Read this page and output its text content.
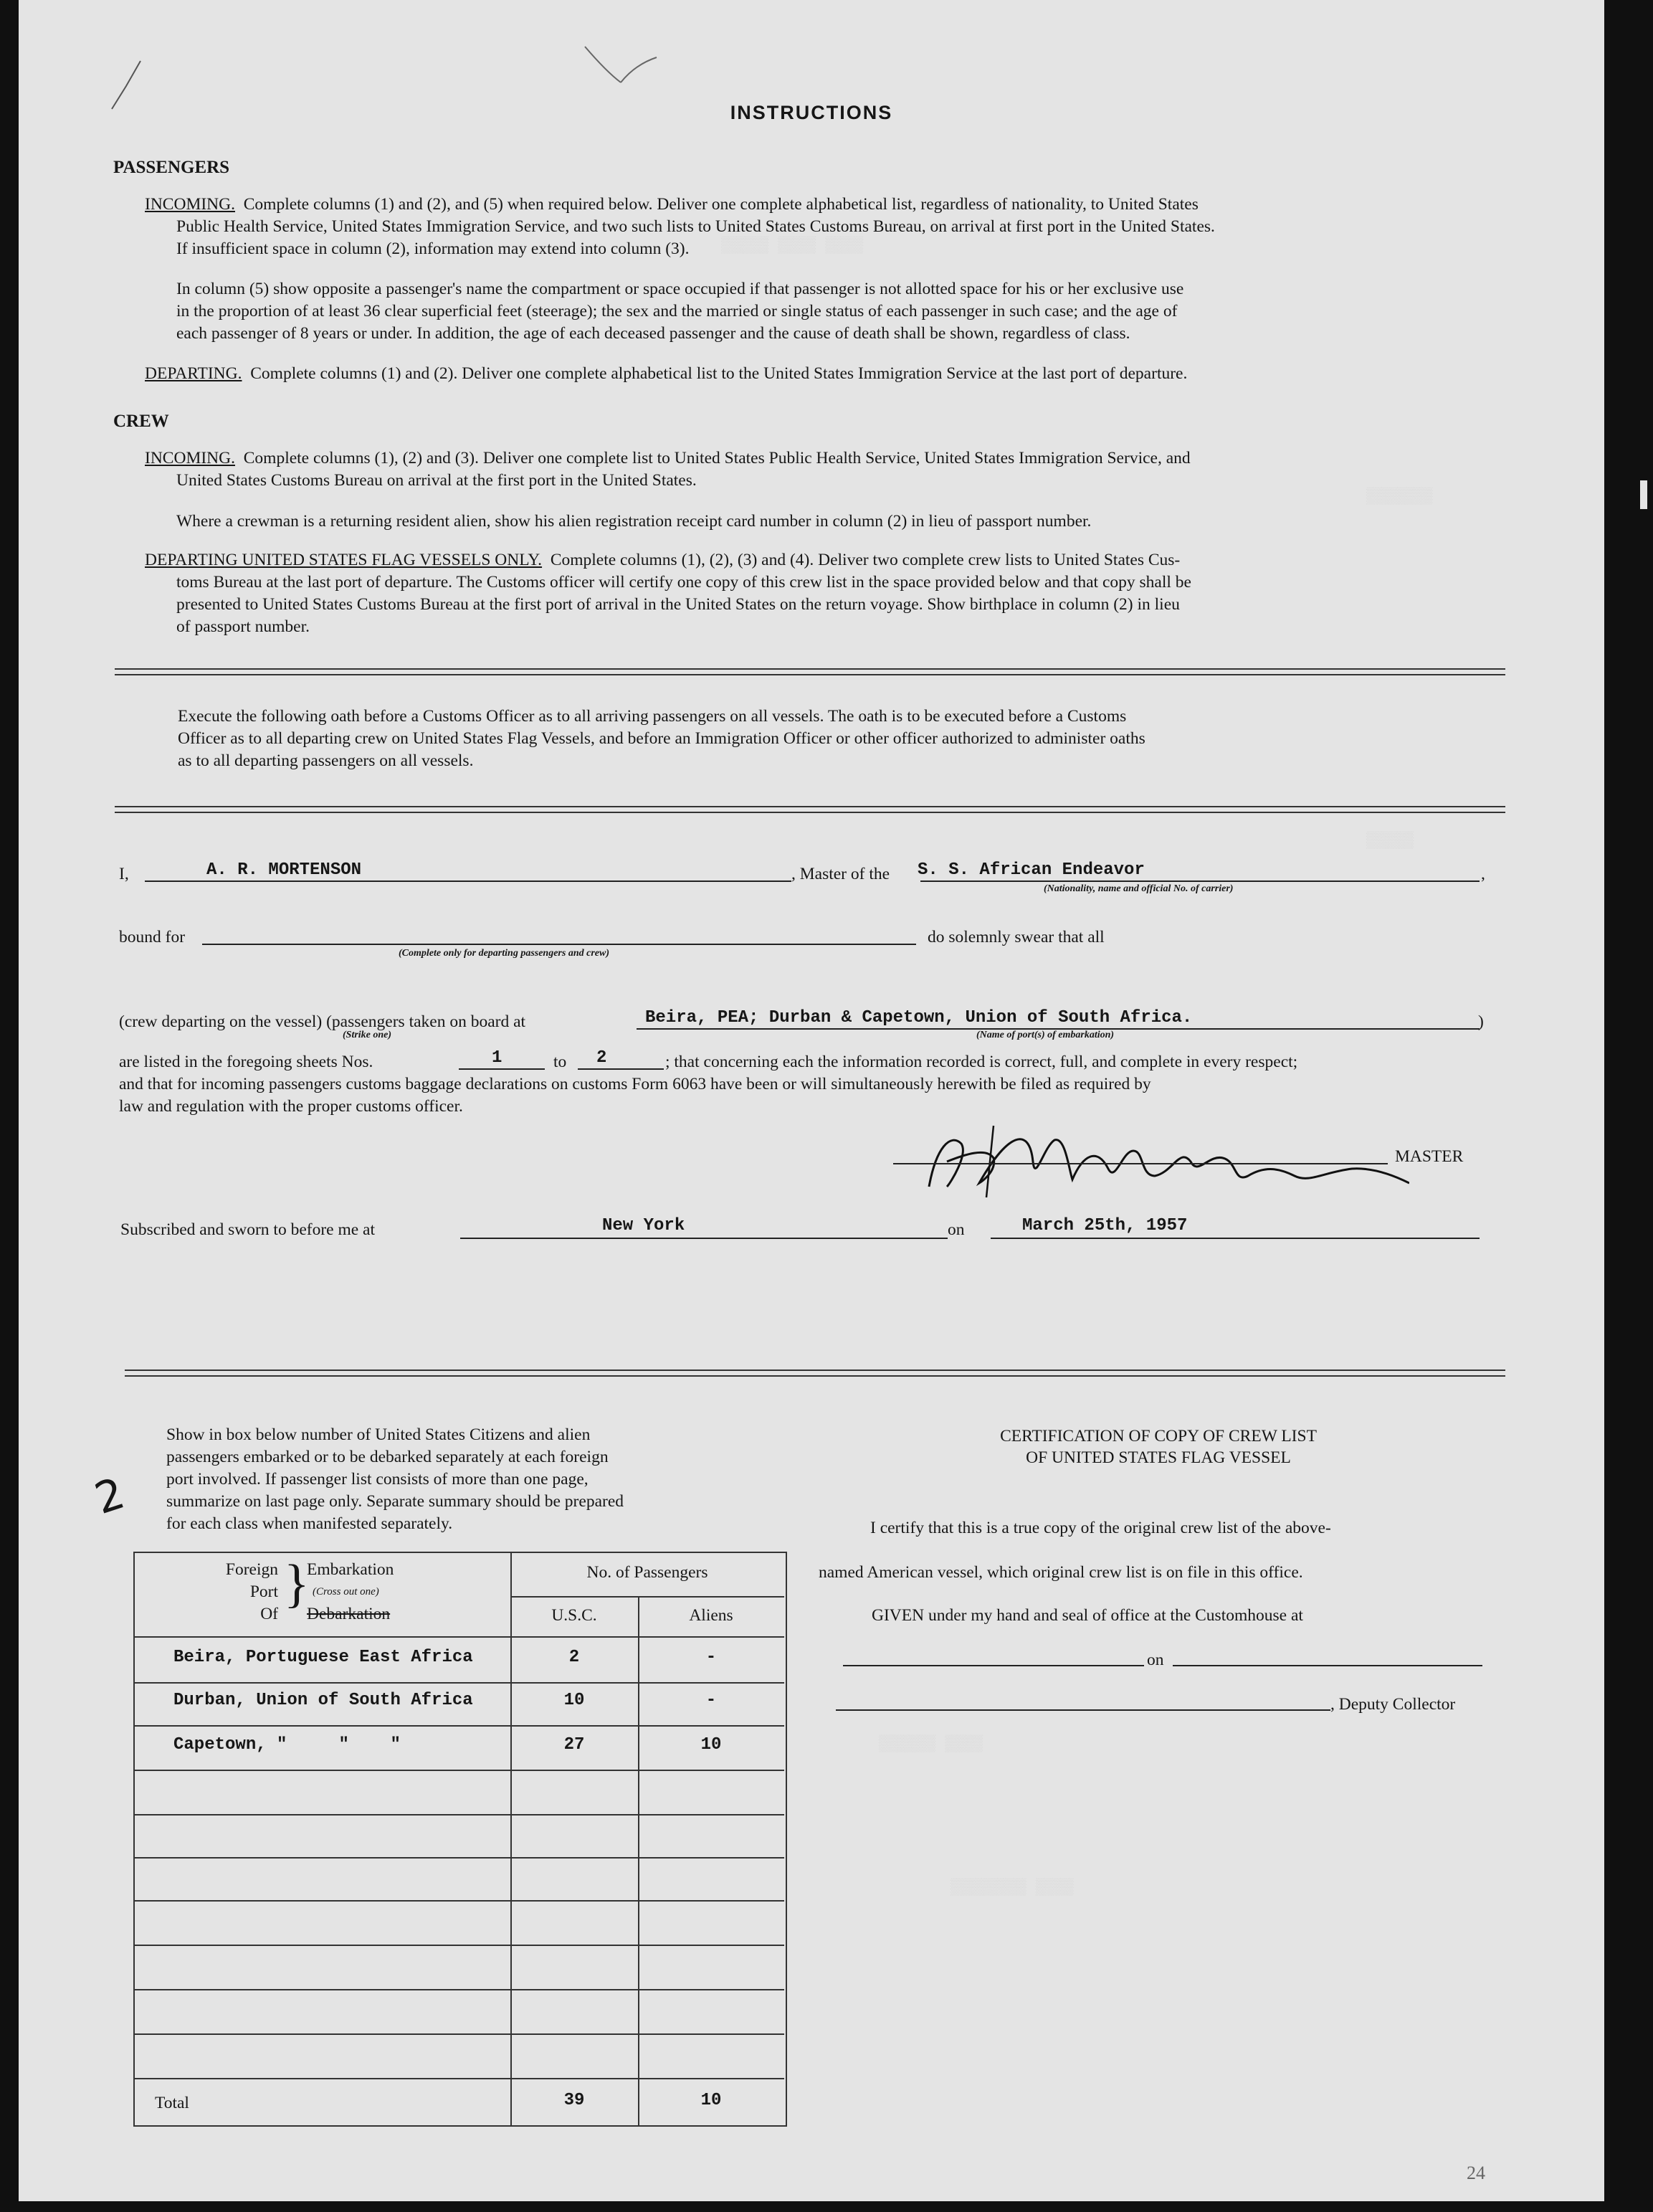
▒▒▒▒▒ ▒▒▒▒ ▒▒▒▒
▒▒▒▒▒▒▒
▒▒▒▒▒
▒▒▒▒▒▒ ▒▒▒▒
▒▒▒▒▒▒▒▒ ▒▒▒▒
INSTRUCTIONS
PASSENGERS
INCOMING. Complete columns (1) and (2), and (5) when required below. Deliver one complete alphabetical list, regardless of nationality, to United States
Public Health Service, United States Immigration Service, and two such lists to United States Customs Bureau, on arrival at first port in the United States.
If insufficient space in column (2), information may extend into column (3).
In column (5) show opposite a passenger's name the compartment or space occupied if that passenger is not allotted space for his or her exclusive use
in the proportion of at least 36 clear superficial feet (steerage); the sex and the married or single status of each passenger in such case; and the age of
each passenger of 8 years or under. In addition, the age of each deceased passenger and the cause of death shall be shown, regardless of class.
DEPARTING. Complete columns (1) and (2). Deliver one complete alphabetical list to the United States Immigration Service at the last port of departure.
CREW
INCOMING. Complete columns (1), (2) and (3). Deliver one complete list to United States Public Health Service, United States Immigration Service, and
United States Customs Bureau on arrival at the first port in the United States.
Where a crewman is a returning resident alien, show his alien registration receipt card number in column (2) in lieu of passport number.
DEPARTING UNITED STATES FLAG VESSELS ONLY. Complete columns (1), (2), (3) and (4). Deliver two complete crew lists to United States Cus-
toms Bureau at the last port of departure. The Customs officer will certify one copy of this crew list in the space provided below and that copy shall be
presented to United States Customs Bureau at the first port of arrival in the United States on the return voyage. Show birthplace in column (2) in lieu
of passport number.
Execute the following oath before a Customs Officer as to all arriving passengers on all vessels. The oath is to be executed before a Customs
Officer as to all departing crew on United States Flag Vessels, and before an Immigration Officer or other officer authorized to administer oaths
as to all departing passengers on all vessels.
I,	A. R. MORTENSON	, Master of the S. S. African Endeavor	,
(Nationality, name and official No. of carrier)
bound for
(Complete only for departing passengers and crew)
do solemnly swear that all
(crew departing on the vessel) (passengers taken on board at	Beira, PEA; Durban & Capetown, Union of South Africa.	)
(Strike one)	(Name of port(s) of embarkation)
are listed in the foregoing sheets Nos.	1	to 2	; that concerning each the information recorded is correct, full, and complete in every respect;
and that for incoming passengers customs baggage declarations on customs Form 6063 have been or will simultaneously herewith be filed as required by
law and regulation with the proper customs officer.
MASTER
Subscribed and sworn to before me at	New York	on	March 25th, 1957
Show in box below number of United States Citizens and alien
passengers embarked or to be debarked separately at each foreign
port involved. If passenger list consists of more than one page,
summarize on last page only. Separate summary should be prepared
for each class when manifested separately.
2
Foreign
Port
Of
}
Embarkation
(Cross out one)
Debarkation
No. of Passengers
U.S.C.	Aliens
Beira, Portuguese East Africa	2	-
Durban, Union of South Africa	10	-
Capetown, "     "    "	27	10
Total	39	10
CERTIFICATION OF COPY OF CREW LIST
OF UNITED STATES FLAG VESSEL
I certify that this is a true copy of the original crew list of the above-
named American vessel, which original crew list is on file in this office.
GIVEN under my hand and seal of office at the Customhouse at
on
, Deputy Collector
24
